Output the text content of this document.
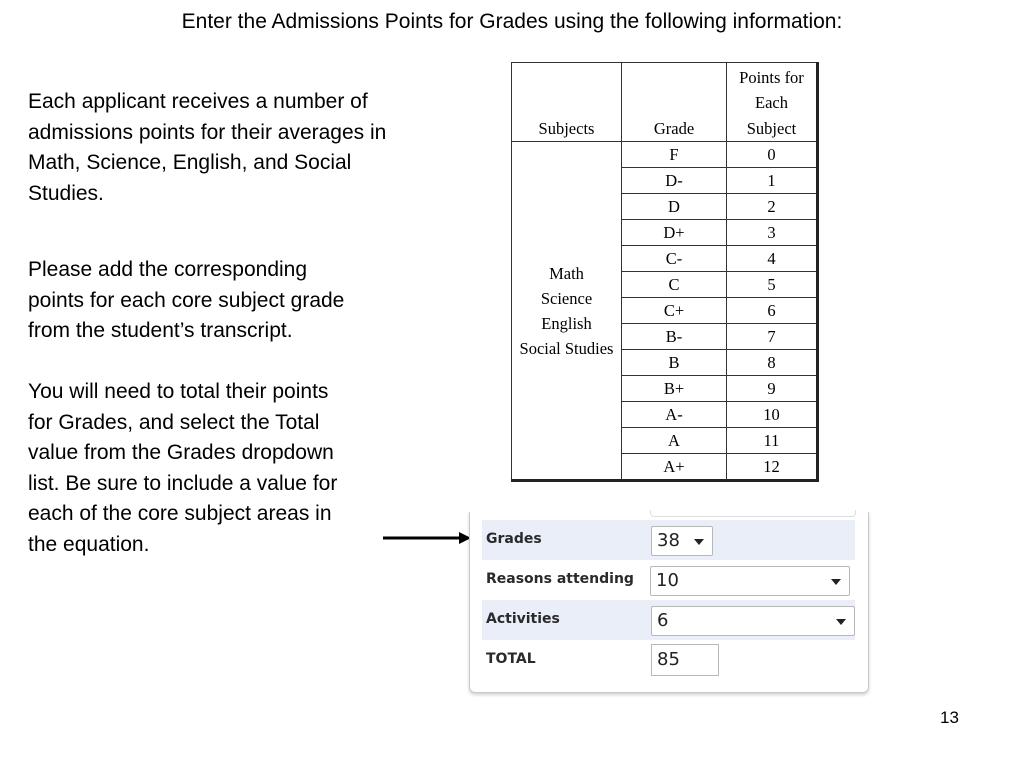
Enter the Admissions Points for Grades using the following information:
Each applicant receives a number of
admissions points for their averages in
Math, Science, English, and Social
Studies.
Please add the corresponding
points for each core subject grade
from the student’s transcript.
You will need to total their points
for Grades, and select the Total
value from the Grades dropdown
list. Be sure to include a value for
each of the core subject areas in
the equation.
Subjects	Grade	Points for
Each
Subject
Math
Science
English
Social Studies	F	0
	D-	1
	D	2
	D+	3
	C-	4
	C	5
	C+	6
	B-	7
	B	8
	B+	9
	A-	10
	A	11
	A+	12
Grades	38
Reasons attending	10
Activities	6
TOTAL	85
13
